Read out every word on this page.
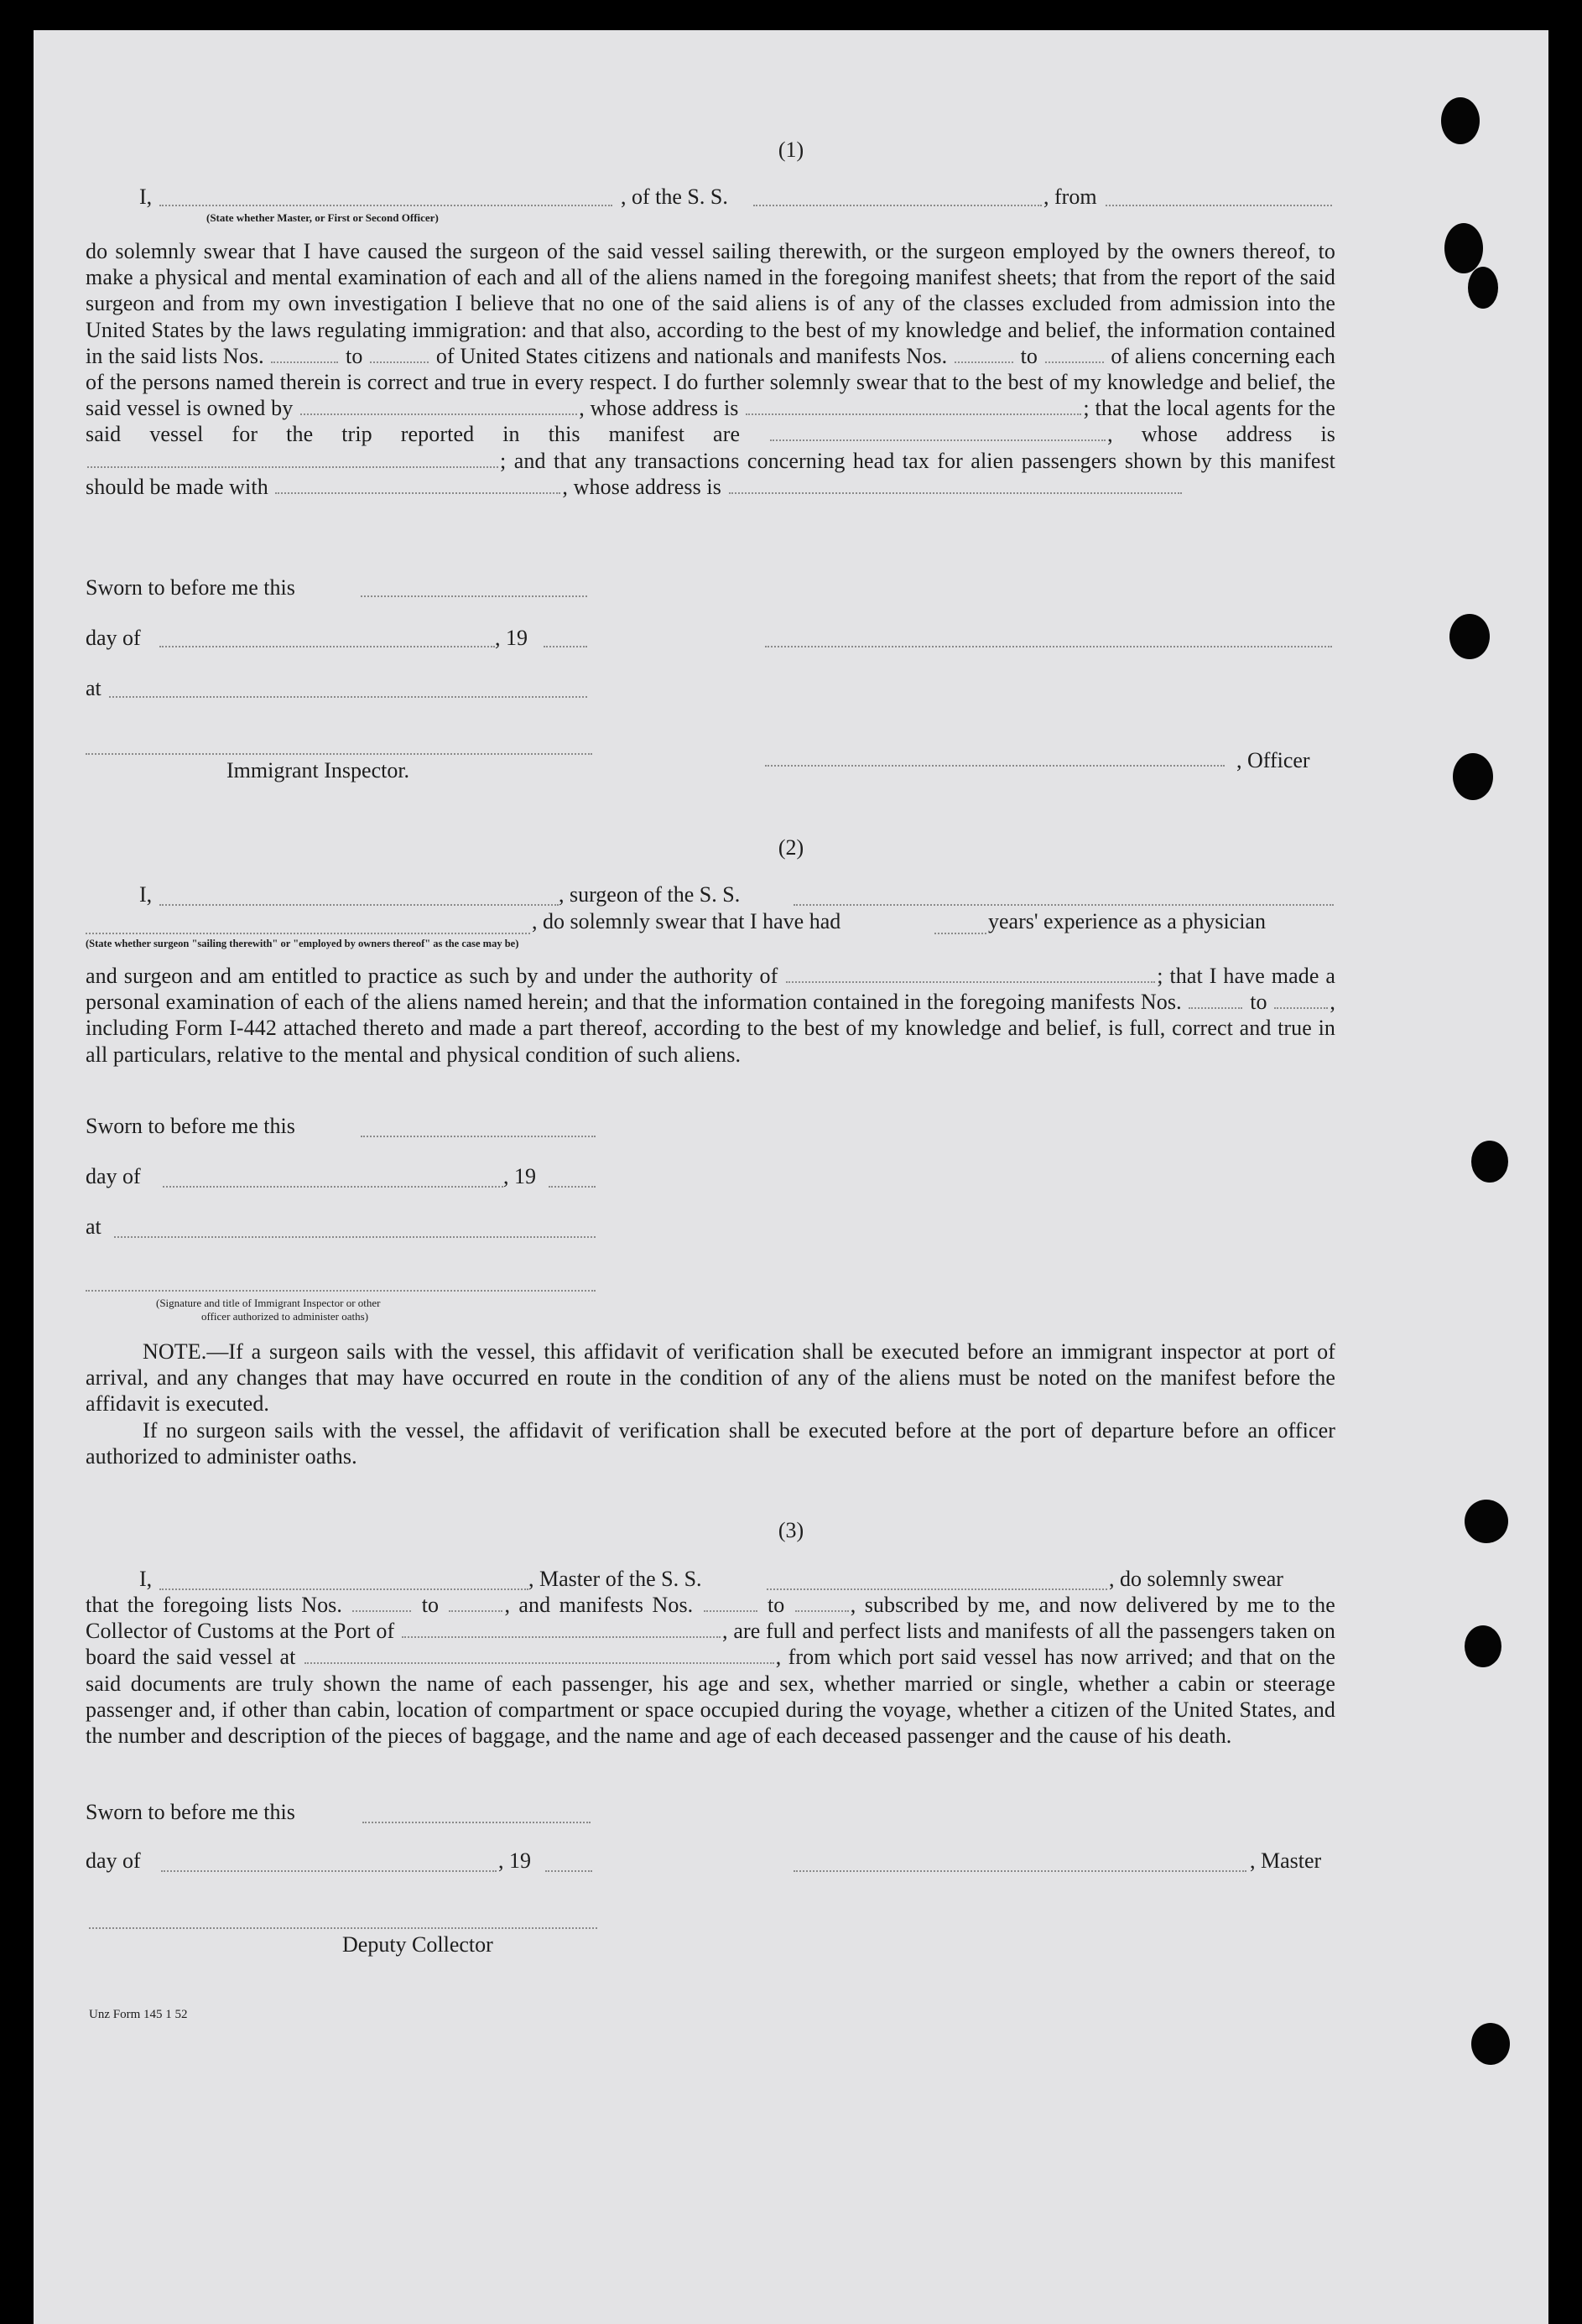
(1)
I,
(State whether Master, or First or Second Officer)
, of the S. S.	, from
do solemnly swear that I have caused the surgeon of the said vessel sailing therewith, or the surgeon employed by the owners thereof, to make a physical and mental examination of each and all of the aliens named in the foregoing manifest sheets; that from the report of the said surgeon and from my own investigation I believe that no one of the said aliens is of any of the classes excluded from admission into the United States by the laws regulating immigration: and that also, according to the best of my knowledge and belief, the information contained in the said lists Nos.	to	of United States citizens and nationals and manifests Nos.	to	of aliens concerning each of the persons named therein is correct and true in every respect. I do further solemnly swear that to the best of my knowledge and belief, the said vessel is owned by	, whose address is	; that the local agents for the said vessel for the trip reported in this manifest are	, whose address is ; and that any transactions concerning head tax for alien passengers shown by this manifest should be made with	, whose address is
Sworn to before me this
day of	, 19
at
Immigrant Inspector.	, Officer
(2)
I,	, surgeon of the S. S.
, do solemnly swear that I have had	years' experience as a physician
(State whether surgeon "sailing therewith" or "employed by owners thereof" as the case may be)
and surgeon and am entitled to practice as such by and under the authority of	; that I have made a personal examination of each of the aliens named herein; and that the information contained in the foregoing manifests Nos.	to	, including Form I-442 attached thereto and made a part thereof, according to the best of my knowledge and belief, is full, correct and true in all particulars, relative to the mental and physical condition of such aliens.
Sworn to before me this
day of	, 19
at
(Signature and title of Immigrant Inspector or other
officer authorized to administer oaths)
NOTE.—If a surgeon sails with the vessel, this affidavit of verification shall be executed before an immigrant inspector at port of arrival, and any changes that may have occurred en route in the condition of any of the aliens must be noted on the manifest before the affidavit is executed.
If no surgeon sails with the vessel, the affidavit of verification shall be executed before at the port of departure before an officer authorized to administer oaths.
(3)
I,	, Master of the S. S.	, do solemnly swear
that the foregoing lists Nos.	to	, and manifests Nos.	to	, subscribed by me, and now delivered by me to the Collector of Customs at the Port of	, are full and perfect lists and manifests of all the passengers taken on board the said vessel at	, from which port said vessel has now arrived; and that on the said documents are truly shown the name of each passenger, his age and sex, whether married or single, whether a cabin or steerage passenger and, if other than cabin, location of compartment or space occupied during the voyage, whether a citizen of the United States, and the number and description of the pieces of baggage, and the name and age of each deceased passenger and the cause of his death.
Sworn to before me this
day of	, 19	, Master
Deputy Collector
Unz Form 145 1 52
